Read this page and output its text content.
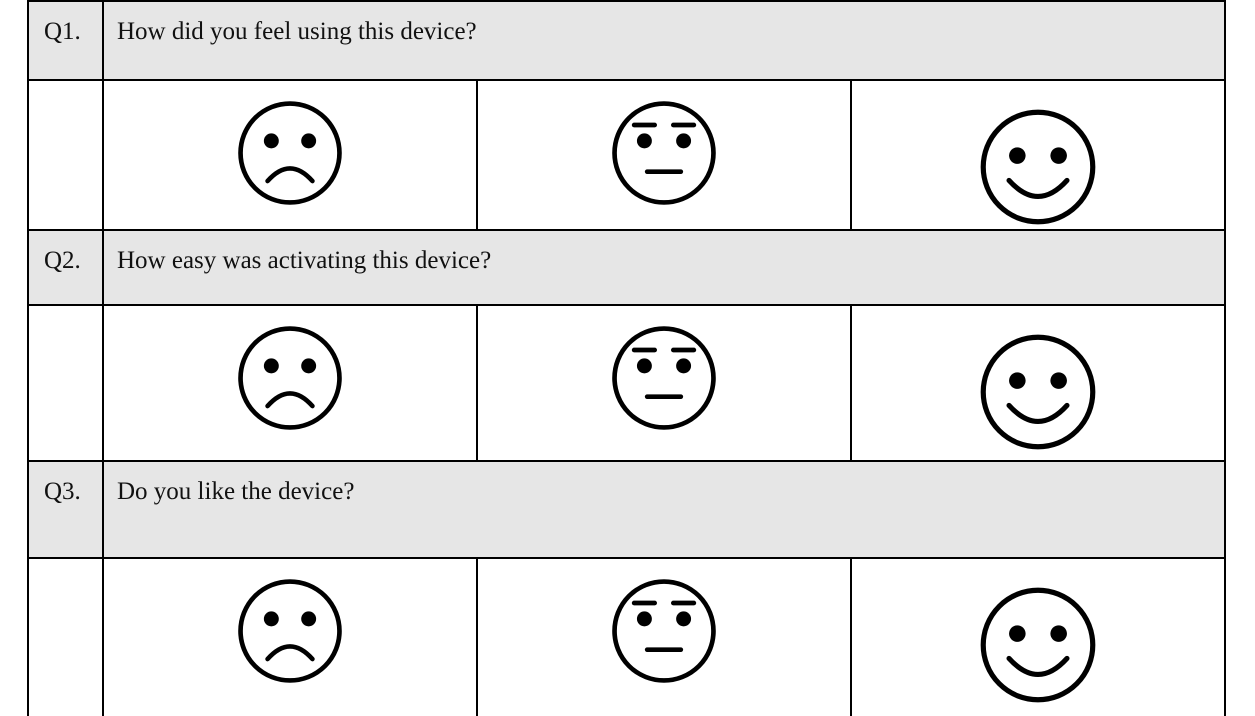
Q1.	How did you feel using this device?		

Q2.	How easy was activating this device?		

Q3.	Do you like the device?		
